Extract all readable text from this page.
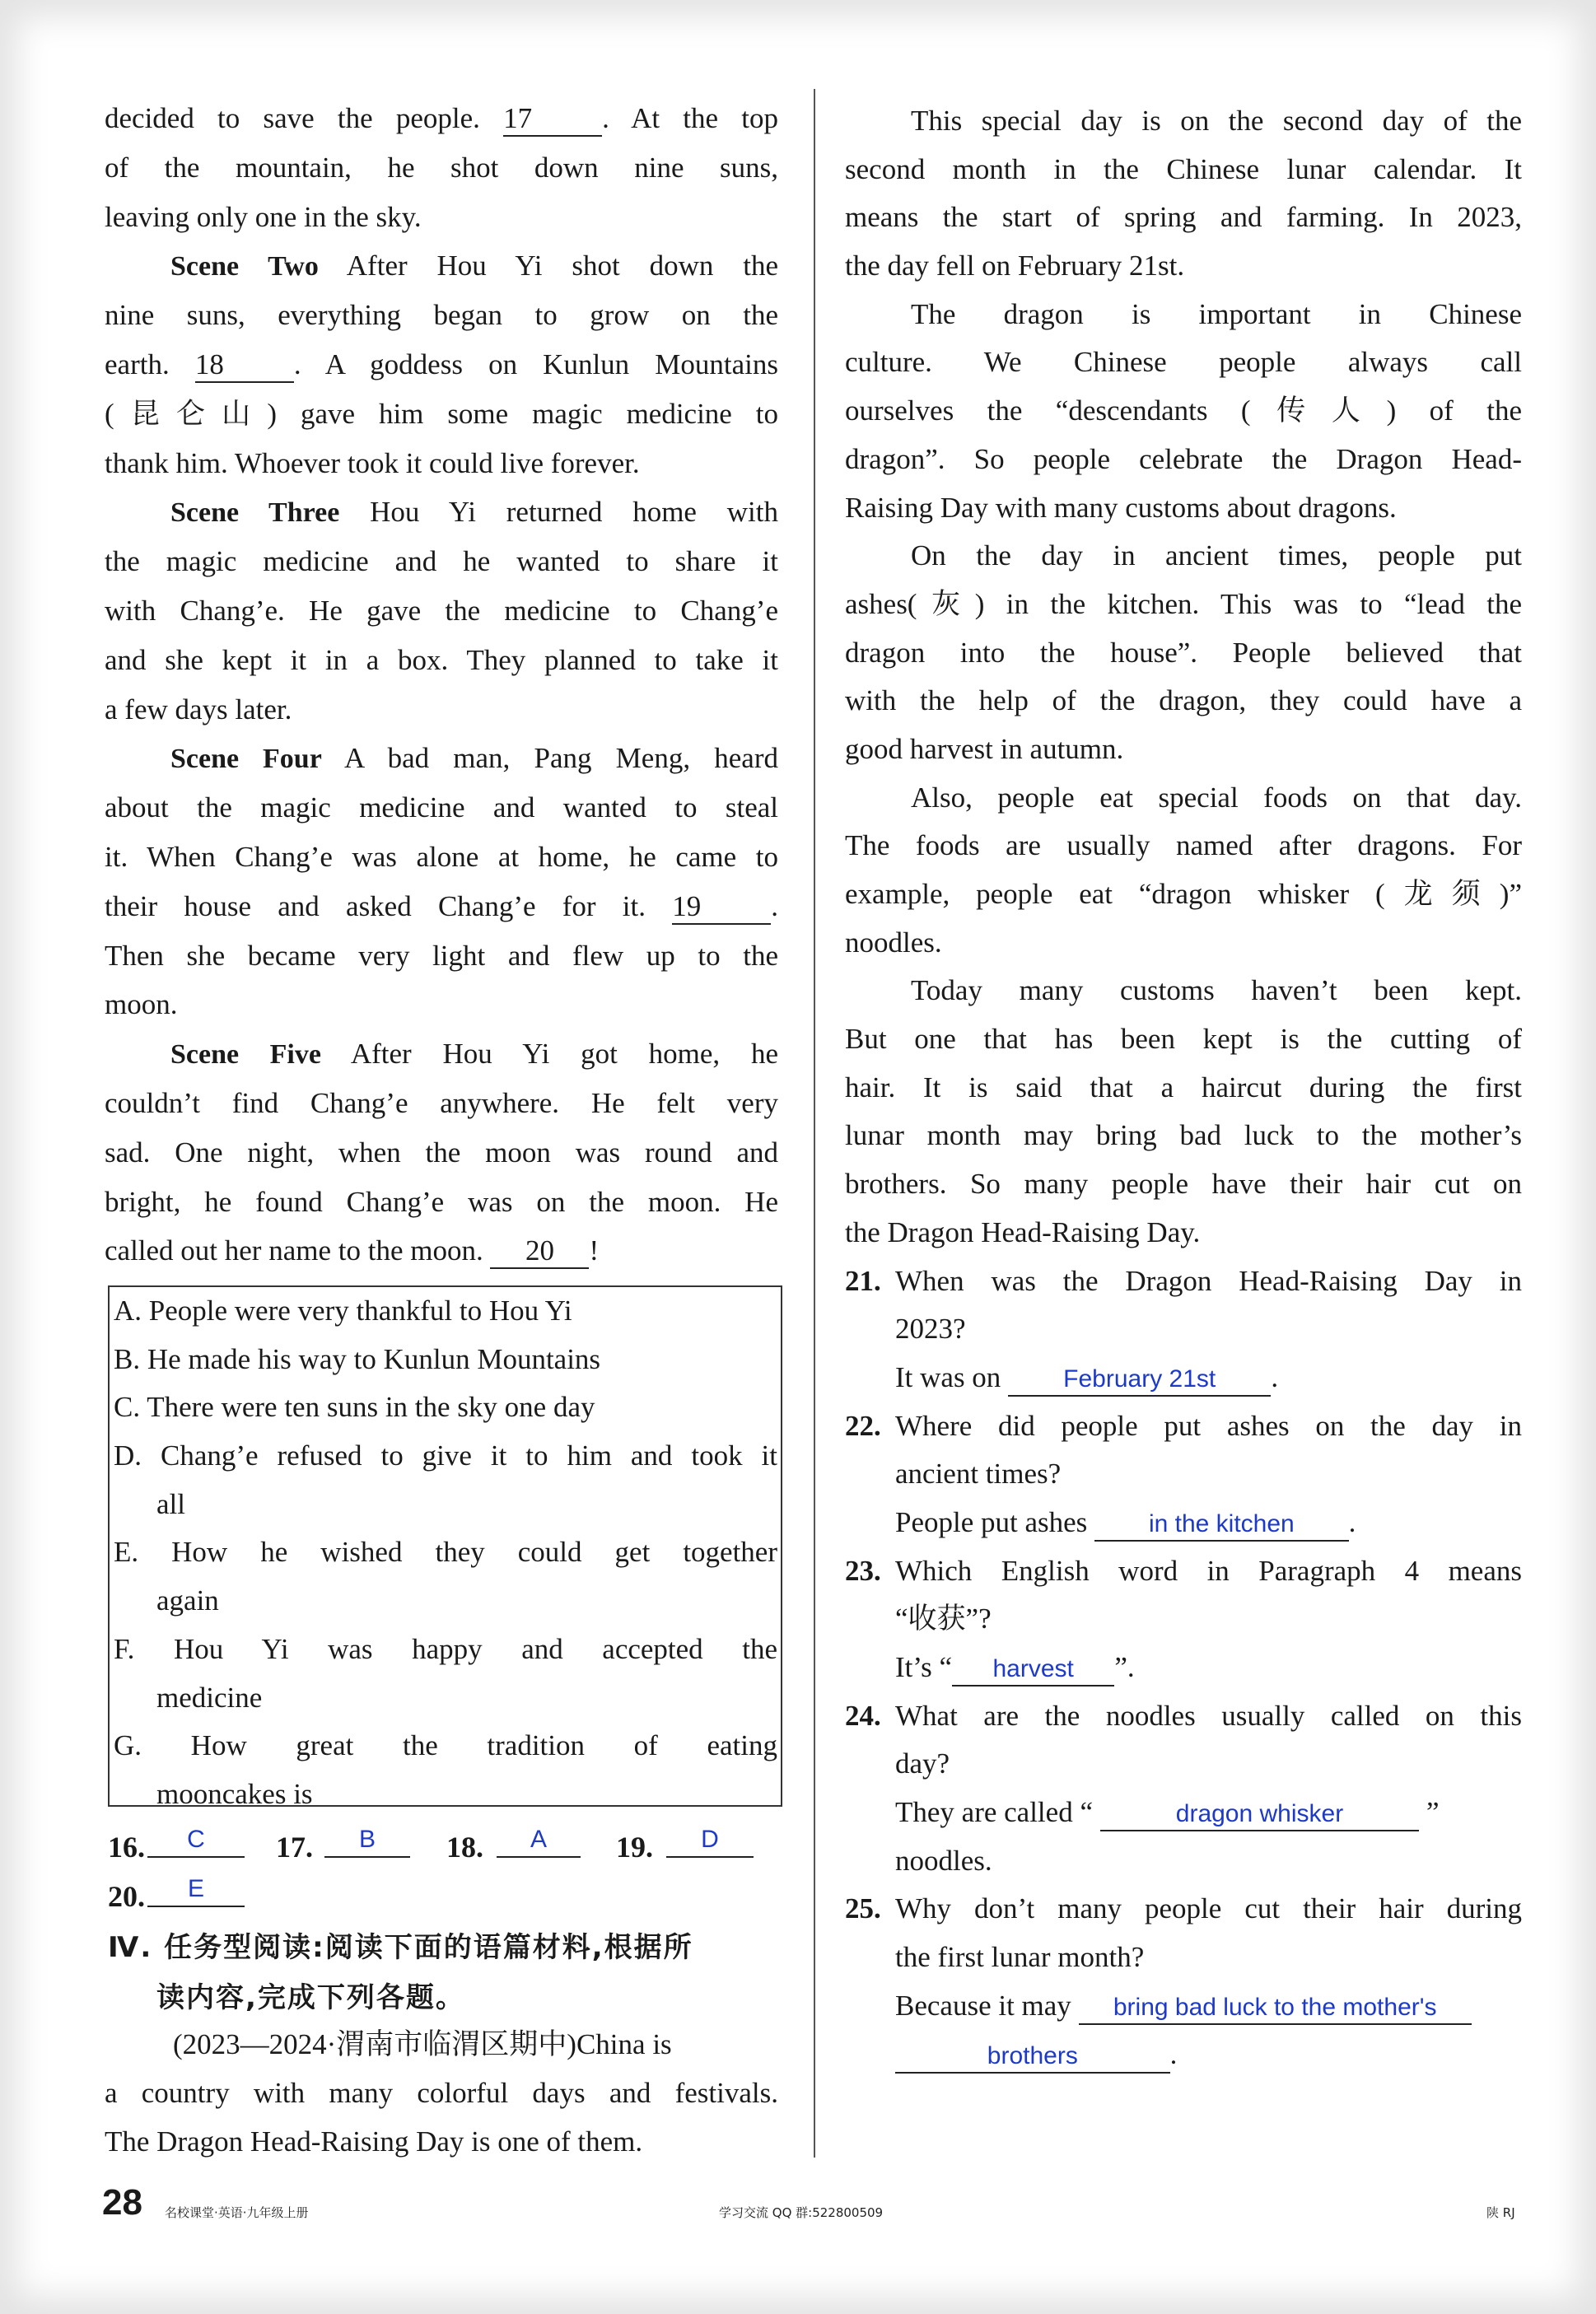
decided to save the people. 17 . At the top
of the mountain, he shot down nine suns,
leaving only one in the sky.
Scene Two After Hou Yi shot down the
nine suns, everything began to grow on the
earth. 18 . A goddess on Kunlun Mountains
(昆仑山) gave him some magic medicine to
thank him. Whoever took it could live forever.
Scene Three Hou Yi returned home with
the magic medicine and he wanted to share it
with Chang’e. He gave the medicine to Chang’e
and she kept it in a box. They planned to take it
a few days later.
Scene Four A bad man, Pang Meng, heard
about the magic medicine and wanted to steal
it. When Chang’e was alone at home, he came to
their house and asked Chang’e for it. 19 .
Then she became very light and flew up to the
moon.
Scene Five After Hou Yi got home, he
couldn’t find Chang’e anywhere. He felt very
sad. One night, when the moon was round and
bright, he found Chang’e was on the moon. He
called out her name to the moon. 20 !
A. People were very thankful to Hou Yi
B. He made his way to Kunlun Mountains
C. There were ten suns in the sky one day
D. Chang’e refused to give it to him and took it
all
E. How he wished they could get together
again
F. Hou Yi was happy and accepted the
medicine
G. How great the tradition of eating
mooncakes is
16.	C	17.	B	18.	A	19.	D
20.	E
Ⅳ. 任务型阅读:阅读下面的语篇材料,根据所
读内容,完成下列各题。
(2023—2024·渭南市临渭区期中)China is
a country with many colorful days and festivals.
The Dragon Head-Raising Day is one of them.
This special day is on the second day of the
second month in the Chinese lunar calendar. It
means the start of spring and farming. In 2023,
the day fell on February 21st.
The dragon is important in Chinese
culture. We Chinese people always call
ourselves the “descendants (传人) of the
dragon”. So people celebrate the Dragon Head-
Raising Day with many customs about dragons.
On the day in ancient times, people put
ashes(灰) in the kitchen. This was to “lead the
dragon into the house”. People believed that
with the help of the dragon, they could have a
good harvest in autumn.
Also, people eat special foods on that day.
The foods are usually named after dragons. For
example, people eat “dragon whisker (龙须)”
noodles.
Today many customs haven’t been kept.
But one that has been kept is the cutting of
hair. It is said that a haircut during the first
lunar month may bring bad luck to the mother’s
brothers. So many people have their hair cut on
the Dragon Head-Raising Day.
21. When was the Dragon Head-Raising Day in
2023?
It was on February 21st .
22. Where did people put ashes on the day in
ancient times?
People put ashes in the kitchen .
23. Which English word in Paragraph 4 means
“收获”?
It’s “ harvest ”.
24. What are the noodles usually called on this
day?
They are called “	dragon whisker	”
noodles.
25. Why don’t many people cut their hair during
the first lunar month?
Because it may bring bad luck to the mother's
brothers	.
28 名校课堂·英语·九年级上册	学习交流 QQ 群:522800509	陕 RJ
